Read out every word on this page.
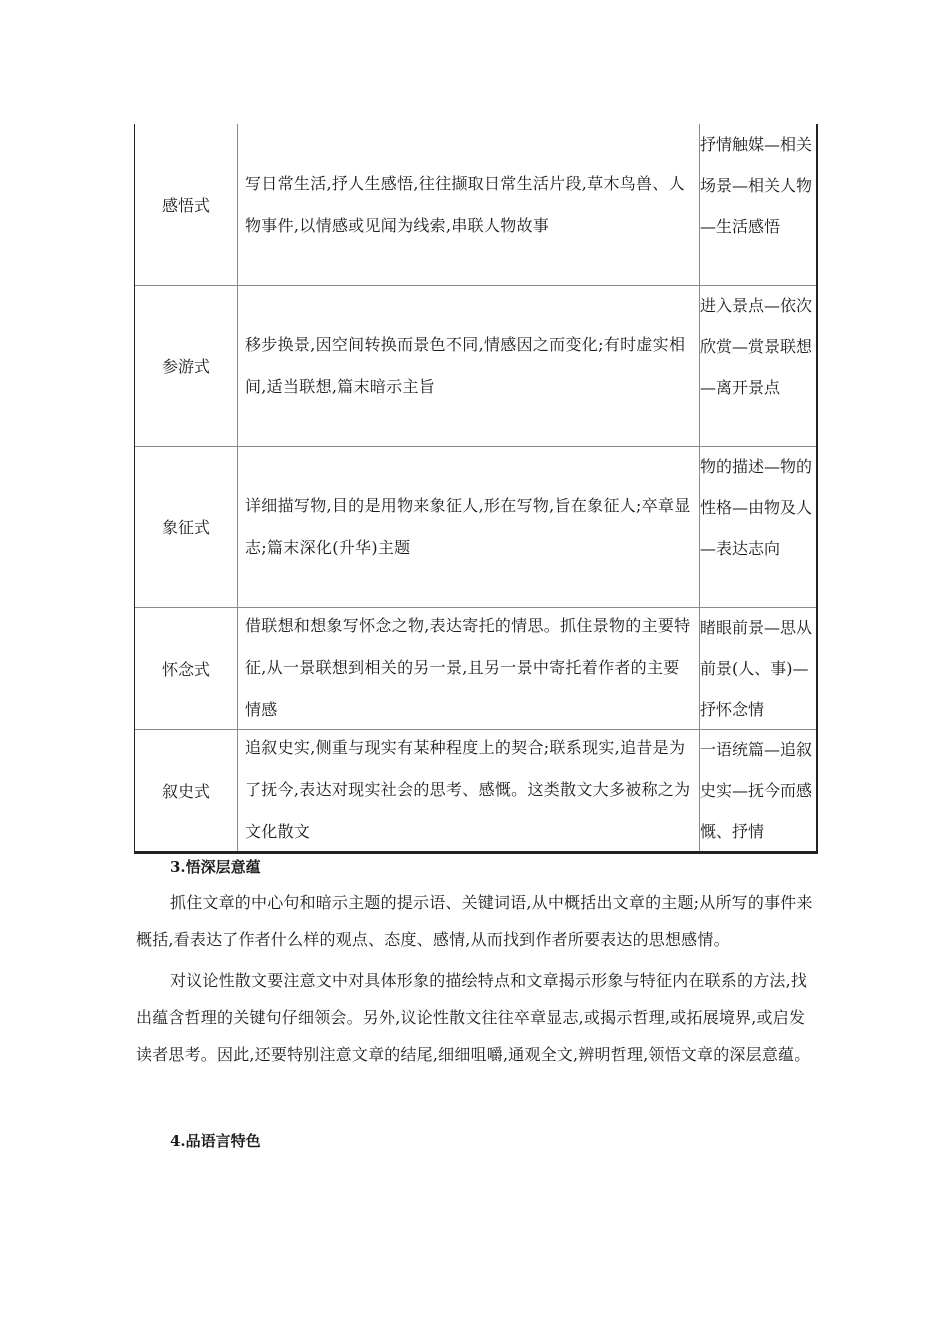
感悟式
写日常生活,抒人生感悟,往往撷取日常生活片段,草木鸟兽、人物事件,以情感或见闻为线索,串联人物故事
抒情触媒—相关场景—相关人物—生活感悟
参游式
移步换景,因空间转换而景色不同,情感因之而变化;有时虚实相间,适当联想,篇末暗示主旨
进入景点—依次欣赏—赏景联想—离开景点
象征式
详细描写物,目的是用物来象征人,形在写物,旨在象征人;卒章显志;篇末深化(升华)主题
物的描述—物的性格—由物及人—表达志向
怀念式
借联想和想象写怀念之物,表达寄托的情思。抓住景物的主要特征,从一景联想到相关的另一景,且另一景中寄托着作者的主要情感
睹眼前景—思从前景(人、事)—抒怀念情
叙史式
追叙史实,侧重与现实有某种程度上的契合;联系现实,追昔是为了抚今,表达对现实社会的思考、感慨。这类散文大多被称之为文化散文
一语统篇—追叙史实—抚今而感慨、抒情
3.悟深层意蕴
抓住文章的中心句和暗示主题的提示语、关键词语,从中概括出文章的主题;从所写的事件来概括,看表达了作者什么样的观点、态度、感情,从而找到作者所要表达的思想感情。
对议论性散文要注意文中对具体形象的描绘特点和文章揭示形象与特征内在联系的方法,找出蕴含哲理的关键句仔细领会。另外,议论性散文往往卒章显志,或揭示哲理,或拓展境界,或启发读者思考。因此,还要特别注意文章的结尾,细细咀嚼,通观全文,辨明哲理,领悟文章的深层意蕴。
4.品语言特色
